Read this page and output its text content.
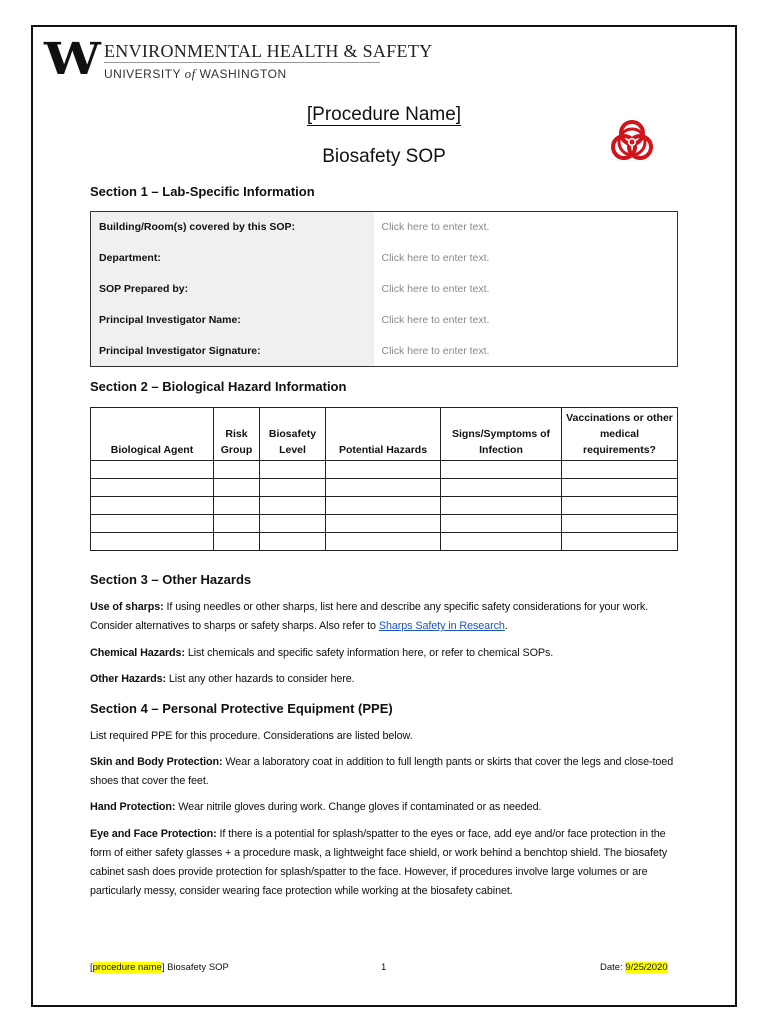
W ENVIRONMENTAL HEALTH & SAFETY
UNIVERSITY of WASHINGTON
[Procedure Name]
Biosafety SOP
Section 1 – Lab-Specific Information
Building/Room(s) covered by this SOP:	Click here to enter text.
Department:	Click here to enter text.
SOP Prepared by:	Click here to enter text.
Principal Investigator Name:	Click here to enter text.
Principal Investigator Signature:	Click here to enter text.
Section 2 – Biological Hazard Information
Biological Agent	Risk Group	Biosafety Level	Potential Hazards	Signs/Symptoms of Infection	Vaccinations or other medical requirements?

Section 3 – Other Hazards

Use of sharps: If using needles or other sharps, list here and describe any specific safety considerations for your work. Consider alternatives to sharps or safety sharps. Also refer to Sharps Safety in Research.

Chemical Hazards: List chemicals and specific safety information here, or refer to chemical SOPs.

Other Hazards: List any other hazards to consider here.

Section 4 – Personal Protective Equipment (PPE)

List required PPE for this procedure. Considerations are listed below.

Skin and Body Protection: Wear a laboratory coat in addition to full length pants or skirts that cover the legs and close-toed shoes that cover the feet.

Hand Protection: Wear nitrile gloves during work. Change gloves if contaminated or as needed.

Eye and Face Protection: If there is a potential for splash/spatter to the eyes or face, add eye and/or face protection in the form of either safety glasses + a procedure mask, a lightweight face shield, or work behind a benchtop shield. The biosafety cabinet sash does provide protection for splash/spatter to the face. However, if procedures involve large volumes or are particularly messy, consider wearing face protection while working at the biosafety cabinet.

[procedure name] Biosafety SOP	1	Date: 9/25/2020
